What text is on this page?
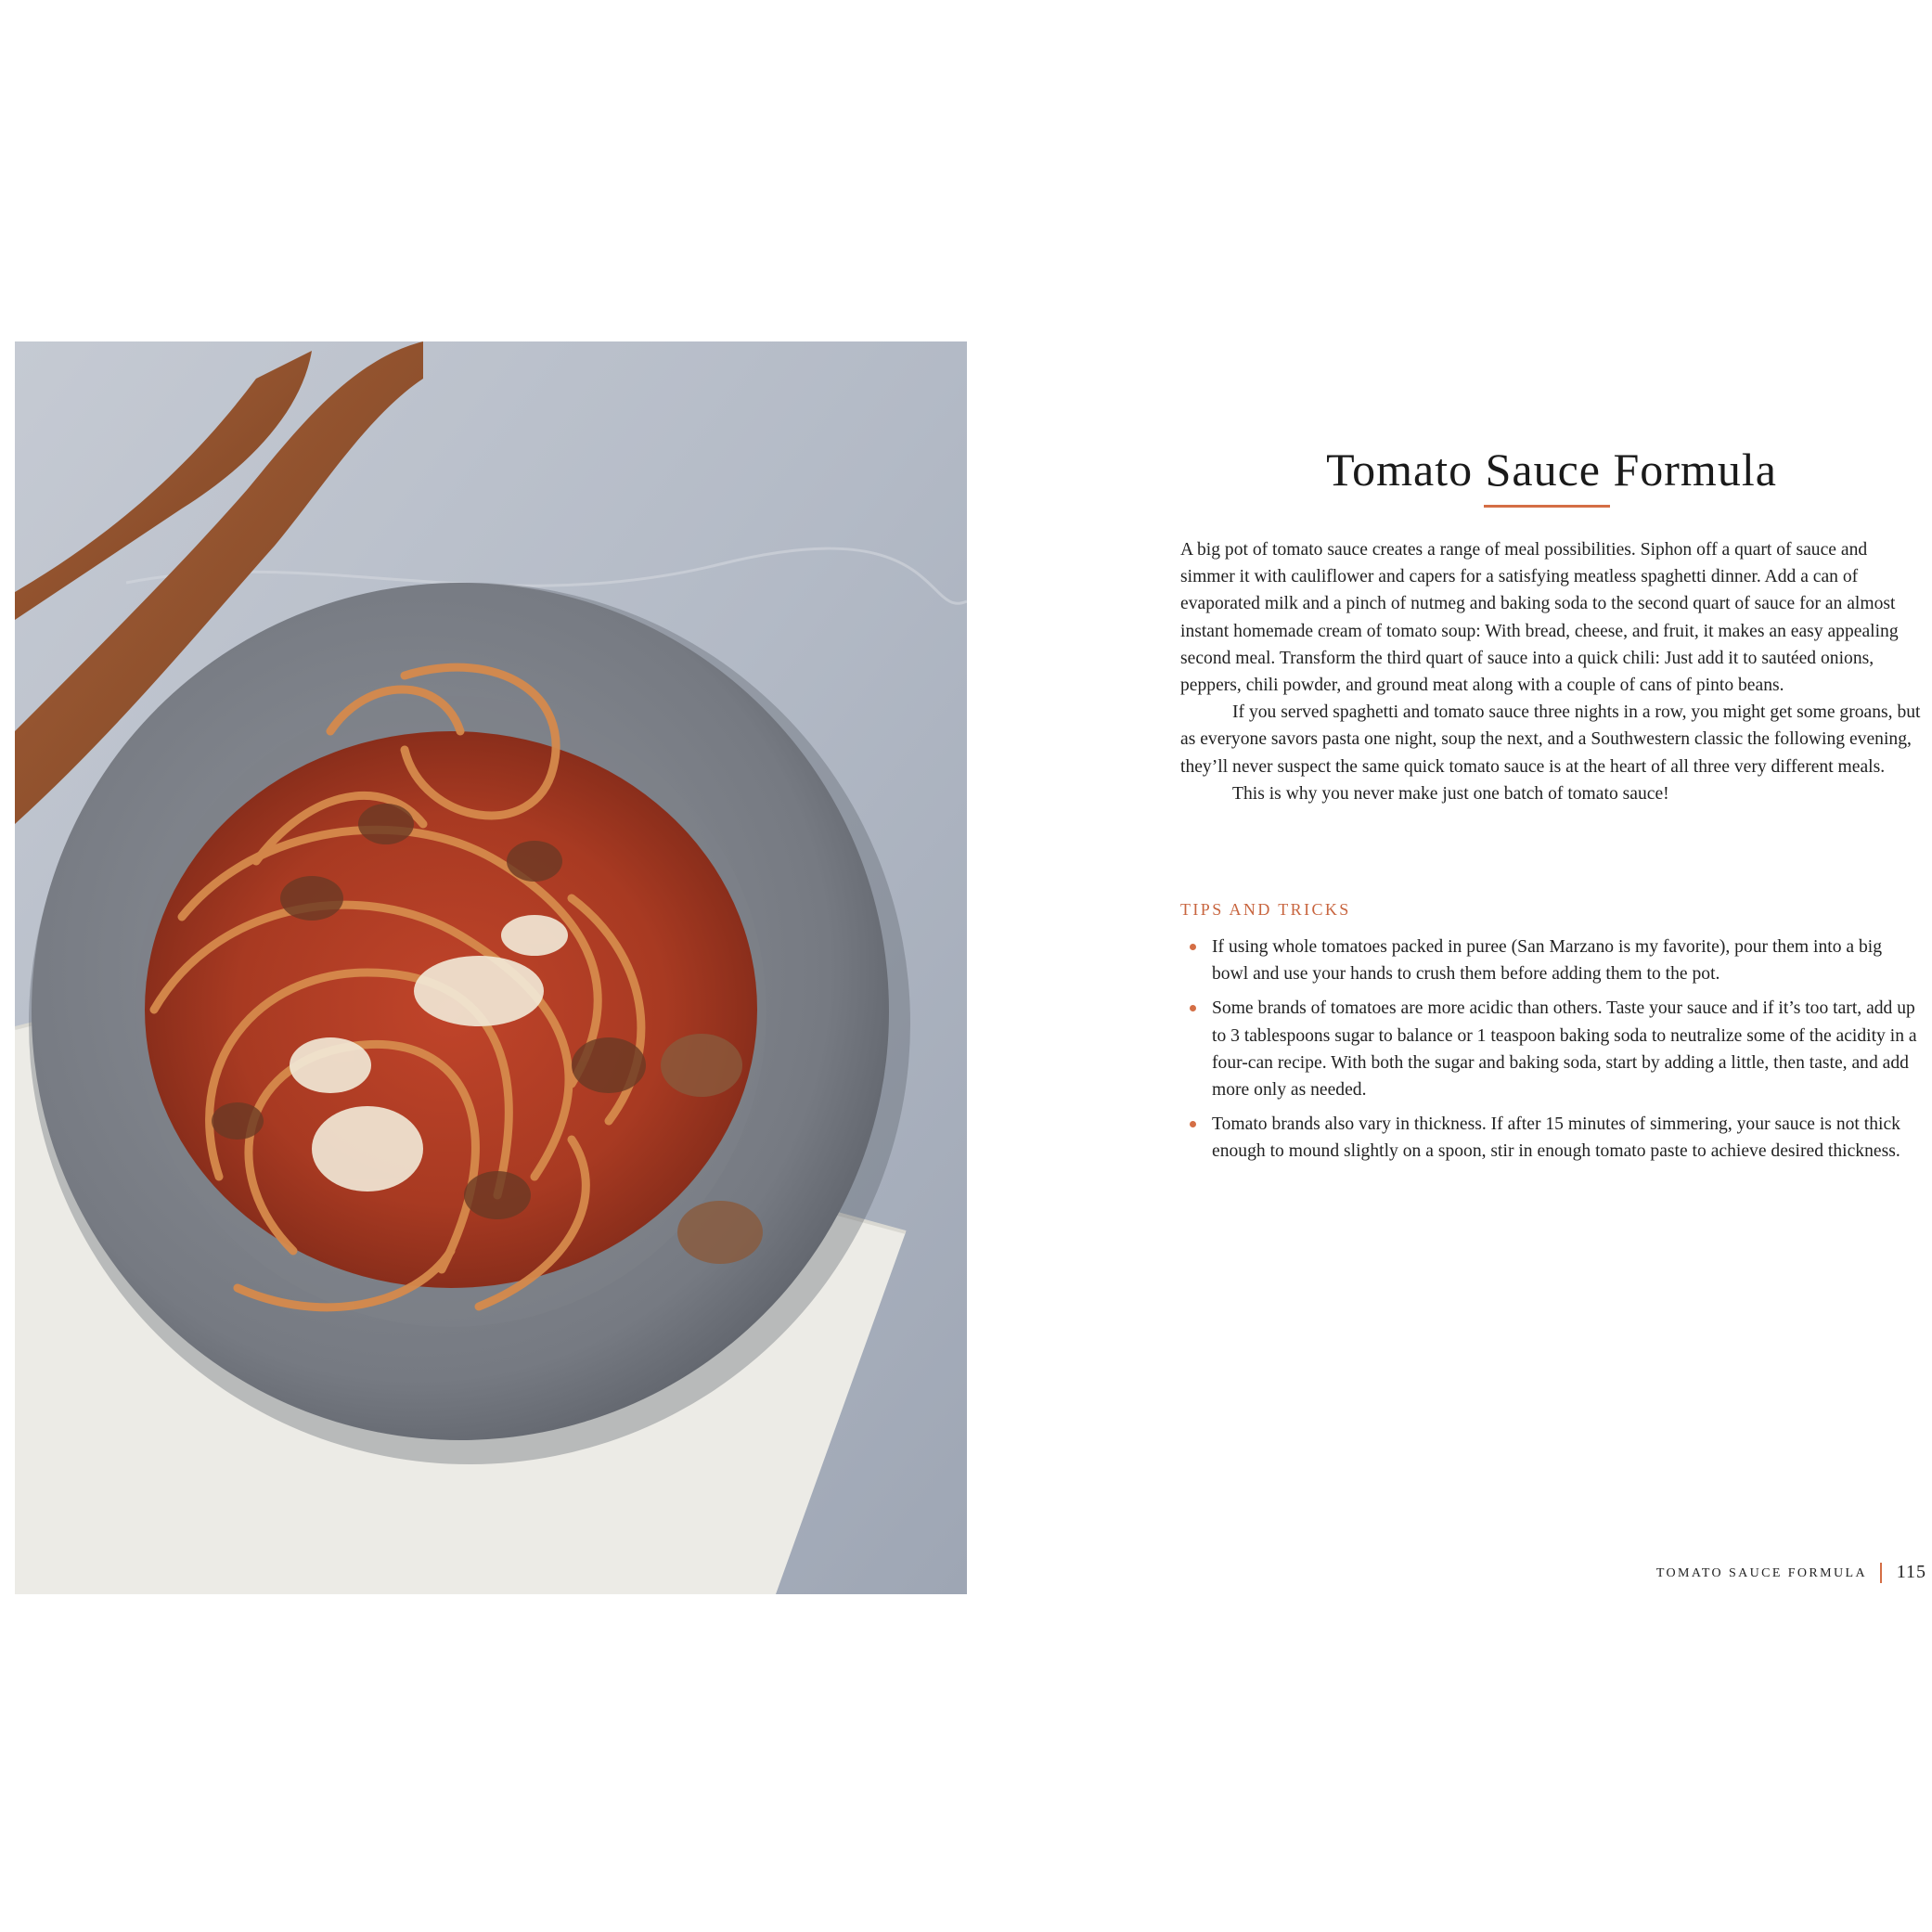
Tomato Sauce Formula

A big pot of tomato sauce creates a range of meal possibilities. Siphon off a quart of sauce and simmer it with cauliflower and capers for a satisfying meatless spaghetti dinner. Add a can of evaporated milk and a pinch of nutmeg and baking soda to the second quart of sauce for an almost instant homemade cream of tomato soup: With bread, cheese, and fruit, it makes an easy appealing second meal. Transform the third quart of sauce into a quick chili: Just add it to sautéed onions, peppers, chili powder, and ground meat along with a couple of cans of pinto beans.

If you served spaghetti and tomato sauce three nights in a row, you might get some groans, but as everyone savors pasta one night, soup the next, and a Southwestern classic the following evening, they’ll never suspect the same quick tomato sauce is at the heart of all three very different meals.

This is why you never make just one batch of tomato sauce!

TIPS AND TRICKS
If using whole tomatoes packed in puree (San Marzano is my favorite), pour them into a big bowl and use your hands to crush them before adding them to the pot.
Some brands of tomatoes are more acidic than others. Taste your sauce and if it’s too tart, add up to 3 tablespoons sugar to balance or 1 teaspoon baking soda to neutralize some of the acidity in a four-can recipe. With both the sugar and baking soda, start by adding a little, then taste, and add more only as needed.
Tomato brands also vary in thickness. If after 15 minutes of simmering, your sauce is not thick enough to mound slightly on a spoon, stir in enough tomato paste to achieve desired thickness.
TOMATO SAUCE FORMULA 115
